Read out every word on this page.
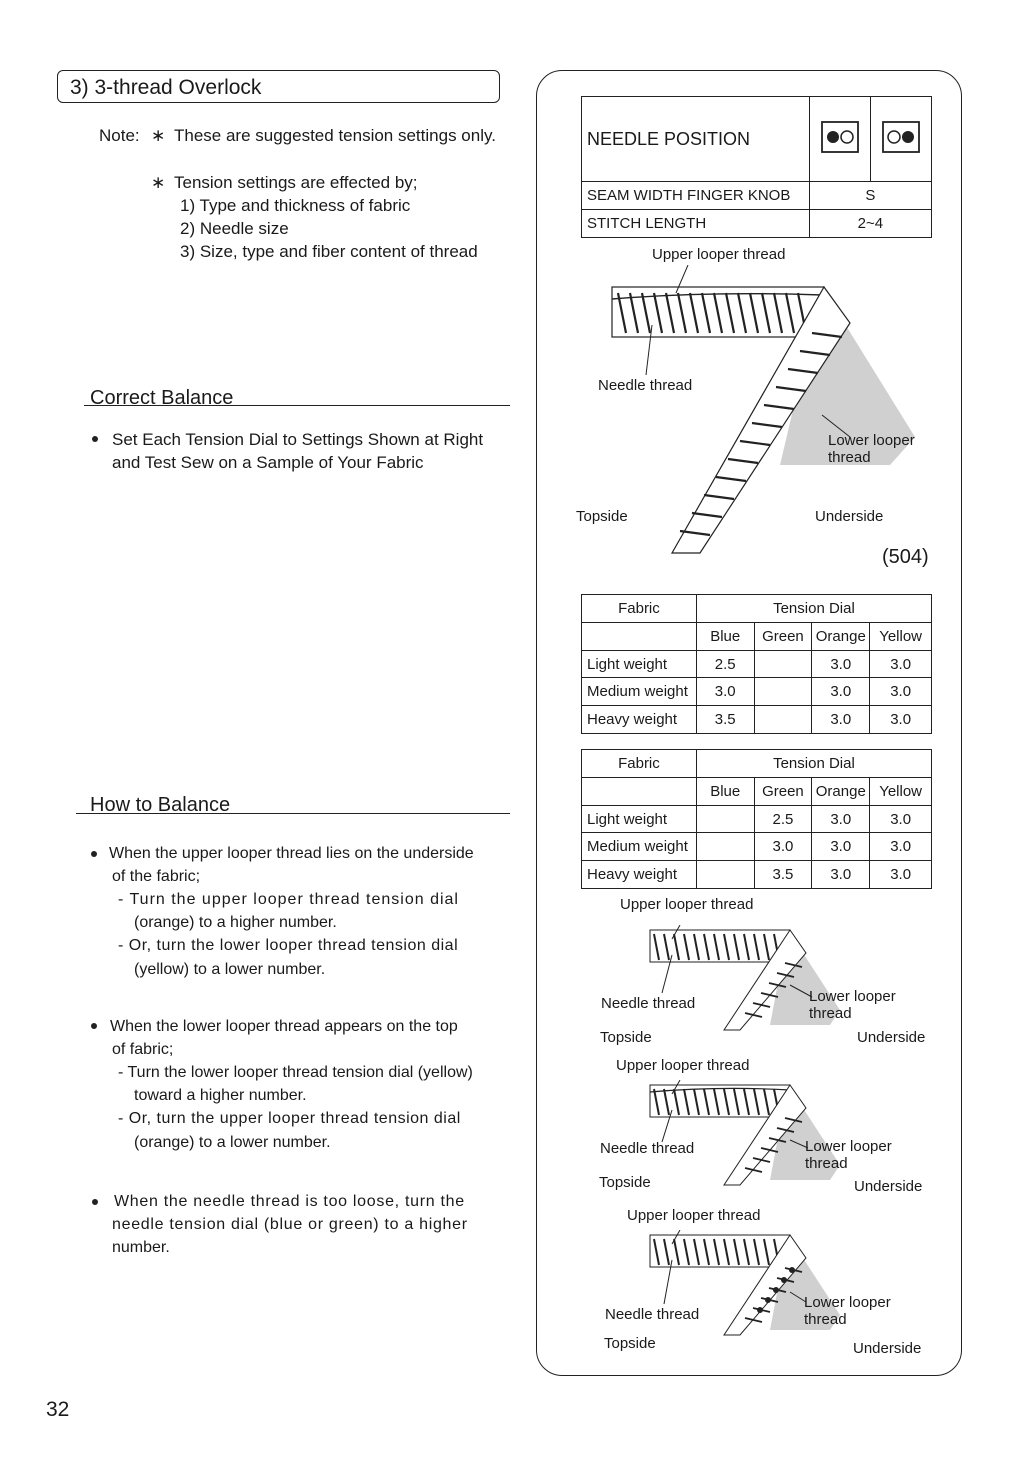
3) 3-thread Overlock
Note: ∗ These are suggested tension settings only.
∗ Tension settings are effected by;
1) Type and thickness of fabric
2) Needle size
3) Size, type and fiber content of thread
Correct Balance
Set Each Tension Dial to Settings Shown at Right
and Test Sew on a Sample of Your Fabric
How to Balance
When the upper looper thread lies on the underside
of the fabric;
- Turn the upper looper thread tension dial
(orange) to a higher number.
- Or, turn the lower looper thread tension dial
(yellow) to a lower number.
When the lower looper thread appears on the top
of fabric;
- Turn the lower looper thread tension dial (yellow)
toward a higher number.
- Or, turn the upper looper thread tension dial
(orange) to a lower number.
When the needle thread is too loose, turn the
needle tension dial (blue or green) to a higher
number.
32
NEEDLE POSITION		
SEAM WIDTH FINGER KNOB	S	
STITCH LENGTH	2~4	
Upper looper thread
Needle thread
Lower looper
thread
Topside	Underside
(504)
Fabric	Tension Dial			
	Blue	Green	Orange	Yellow
Light weight	2.5		3.0	3.0
Medium weight	3.0		3.0	3.0
Heavy weight	3.5		3.0	3.0
Fabric	Tension Dial			
	Blue	Green	Orange	Yellow
Light weight		2.5	3.0	3.0
Medium weight		3.0	3.0	3.0
Heavy weight		3.5	3.0	3.0
Upper looper thread
Needle thread	Lower looper
thread
Topside	Underside
Upper looper thread
Needle thread	Lower looper
thread
Topside	Underside
Upper looper thread
Needle thread
Lower looper
thread
Topside	Underside
